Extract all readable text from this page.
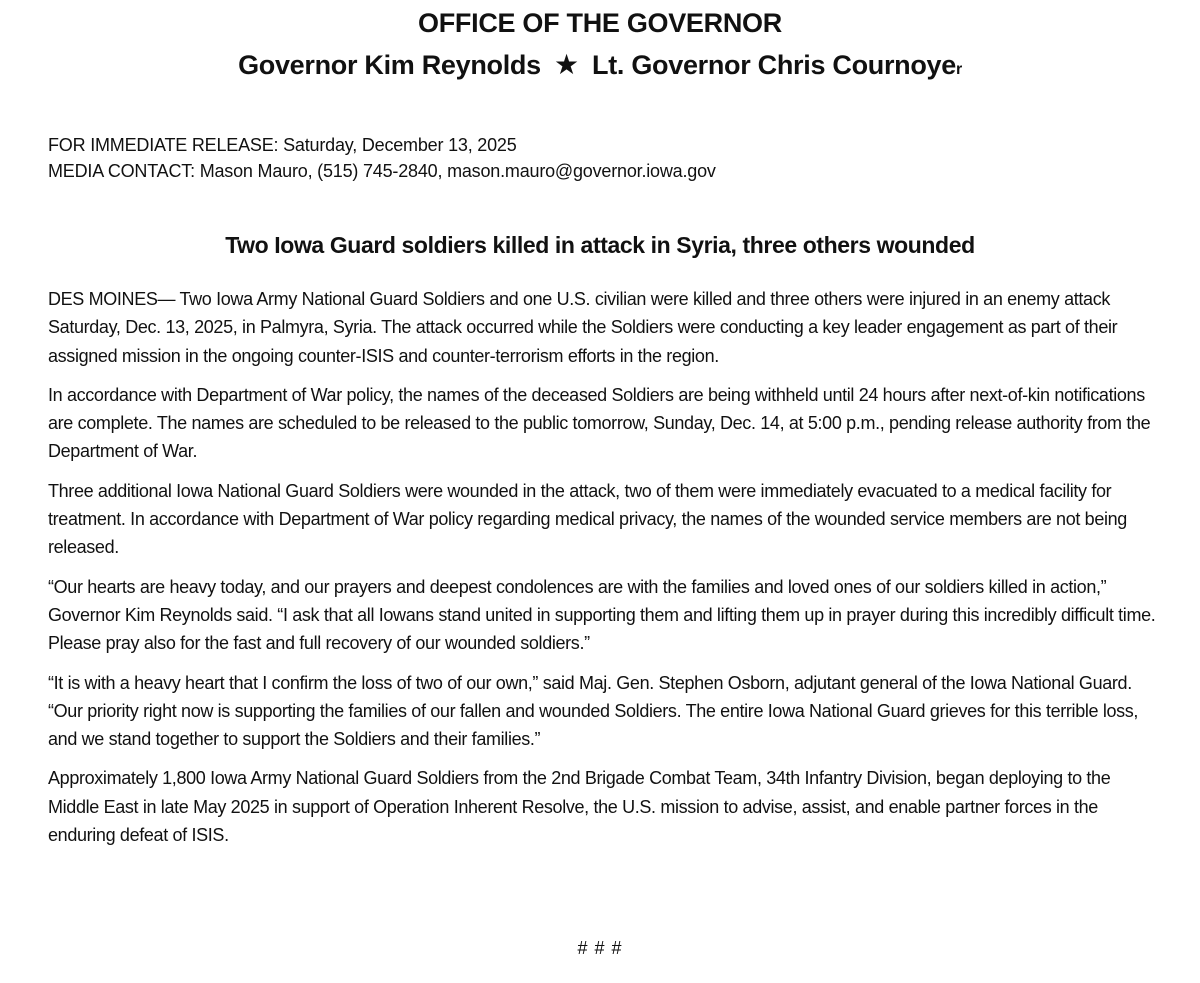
OFFICE OF THE GOVERNOR
Governor Kim Reynolds ★ Lt. Governor Chris Cournoyer
FOR IMMEDIATE RELEASE: Saturday, December 13, 2025
MEDIA CONTACT: Mason Mauro, (515) 745-2840, mason.mauro@governor.iowa.gov
Two Iowa Guard soldiers killed in attack in Syria, three others wounded

DES MOINES— Two Iowa Army National Guard Soldiers and one U.S. civilian were killed and three others were injured in an enemy attack Saturday, Dec. 13, 2025, in Palmyra, Syria. The attack occurred while the Soldiers were conducting a key leader engagement as part of their assigned mission in the ongoing counter-ISIS and counter-terrorism efforts in the region.

In accordance with Department of War policy, the names of the deceased Soldiers are being withheld until 24 hours after next-of-kin notifications are complete. The names are scheduled to be released to the public tomorrow, Sunday, Dec. 14, at 5:00 p.m., pending release authority from the Department of War.

Three additional Iowa National Guard Soldiers were wounded in the attack, two of them were immediately evacuated to a medical facility for treatment. In accordance with Department of War policy regarding medical privacy, the names of the wounded service members are not being released.

“Our hearts are heavy today, and our prayers and deepest condolences are with the families and loved ones of our soldiers killed in action,” Governor Kim Reynolds said. “I ask that all Iowans stand united in supporting them and lifting them up in prayer during this incredibly difficult time. Please pray also for the fast and full recovery of our wounded soldiers.”

“It is with a heavy heart that I confirm the loss of two of our own,” said Maj. Gen. Stephen Osborn, adjutant general of the Iowa National Guard. “Our priority right now is supporting the families of our fallen and wounded Soldiers. The entire Iowa National Guard grieves for this terrible loss, and we stand together to support the Soldiers and their families.”

Approximately 1,800 Iowa Army National Guard Soldiers from the 2nd Brigade Combat Team, 34th Infantry Division, began deploying to the Middle East in late May 2025 in support of Operation Inherent Resolve, the U.S. mission to advise, assist, and enable partner forces in the enduring defeat of ISIS.

# # #
